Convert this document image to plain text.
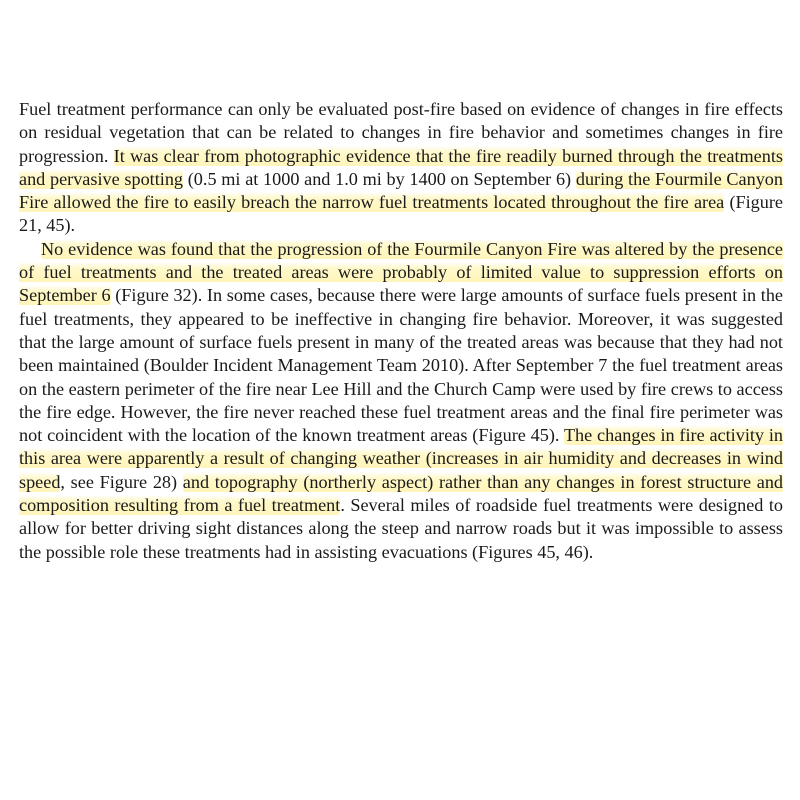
Fuel treatment performance can only be evaluated post-fire based on evidence of changes in fire effects on residual vegetation that can be related to changes in fire behavior and sometimes changes in fire progression. It was clear from photographic evidence that the fire readily burned through the treatments and pervasive spotting (0.5 mi at 1000 and 1.0 mi by 1400 on September 6) during the Fourmile Canyon Fire allowed the fire to easily breach the narrow fuel treatments located throughout the fire area (Figure 21, 45).

No evidence was found that the progression of the Fourmile Canyon Fire was altered by the presence of fuel treatments and the treated areas were probably of limited value to suppression efforts on September 6 (Figure 32). In some cases, because there were large amounts of surface fuels present in the fuel treatments, they appeared to be ineffective in changing fire behavior. Moreover, it was suggested that the large amount of surface fuels present in many of the treated areas was because that they had not been maintained (Boulder Incident Management Team 2010). After September 7 the fuel treatment areas on the eastern perimeter of the fire near Lee Hill and the Church Camp were used by fire crews to access the fire edge. However, the fire never reached these fuel treatment areas and the final fire perimeter was not coincident with the location of the known treatment areas (Figure 45). The changes in fire activity in this area were apparently a result of changing weather (increases in air humidity and decreases in wind speed, see Figure 28) and topography (northerly aspect) rather than any changes in forest structure and composition resulting from a fuel treatment. Several miles of roadside fuel treatments were designed to allow for better driving sight distances along the steep and narrow roads but it was impossible to assess the possible role these treatments had in assisting evacuations (Figures 45, 46).
